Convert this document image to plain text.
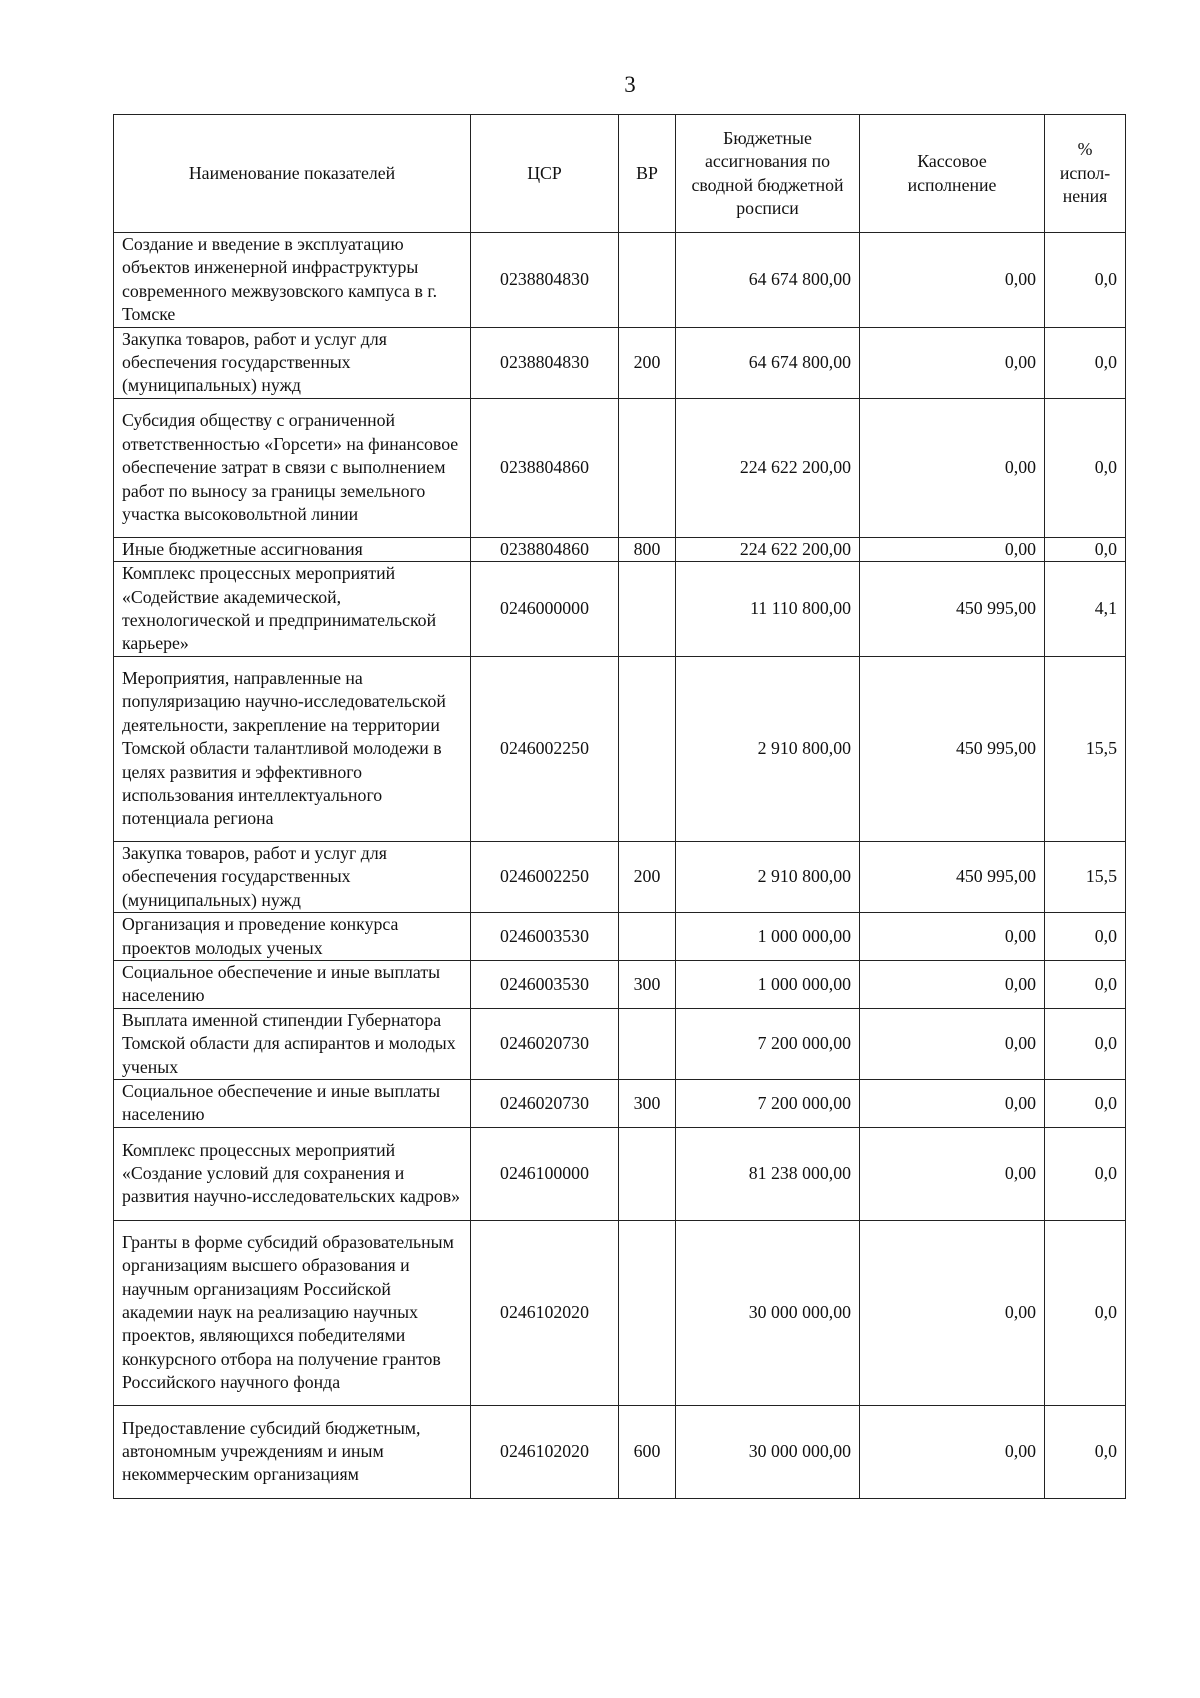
3
Наименование показателей	ЦСР	ВР	Бюджетные ассигнования по сводной бюджетной росписи	Кассовое исполнение	% испол- нения
Создание и введение в эксплуатацию объектов инженерной инфраструктуры современного межвузовского кампуса в г. Томске	0238804830		64 674 800,00	0,00	0,0
Закупка товаров, работ и услуг для обеспечения государственных (муниципальных) нужд	0238804830	200	64 674 800,00	0,00	0,0
Субсидия обществу с ограниченной ответственностью «Горсети» на финансовое обеспечение затрат в связи с выполнением работ по выносу за границы земельного участка высоковольтной линии	0238804860		224 622 200,00	0,00	0,0
Иные бюджетные ассигнования	0238804860	800	224 622 200,00	0,00	0,0
Комплекс процессных мероприятий «Содействие академической, технологической и предпринимательской карьере»	0246000000		11 110 800,00	450 995,00	4,1
Мероприятия, направленные на популяризацию научно-исследовательской деятельности, закрепление на территории Томской области талантливой молодежи в целях развития и эффективного использования интеллектуального потенциала региона	0246002250		2 910 800,00	450 995,00	15,5
Закупка товаров, работ и услуг для обеспечения государственных (муниципальных) нужд	0246002250	200	2 910 800,00	450 995,00	15,5
Организация и проведение конкурса проектов молодых ученых	0246003530		1 000 000,00	0,00	0,0
Социальное обеспечение и иные выплаты населению	0246003530	300	1 000 000,00	0,00	0,0
Выплата именной стипендии Губернатора Томской области для аспирантов и молодых ученых	0246020730		7 200 000,00	0,00	0,0
Социальное обеспечение и иные выплаты населению	0246020730	300	7 200 000,00	0,00	0,0
Комплекс процессных мероприятий «Создание условий для сохранения и развития научно-исследовательских кадров»	0246100000		81 238 000,00	0,00	0,0
Гранты в форме субсидий образовательным организациям высшего образования и научным организациям Российской академии наук на реализацию научных проектов, являющихся победителями конкурсного отбора на получение грантов Российского научного фонда	0246102020		30 000 000,00	0,00	0,0
Предоставление субсидий бюджетным, автономным учреждениям и иным некоммерческим организациям	0246102020	600	30 000 000,00	0,00	0,0
